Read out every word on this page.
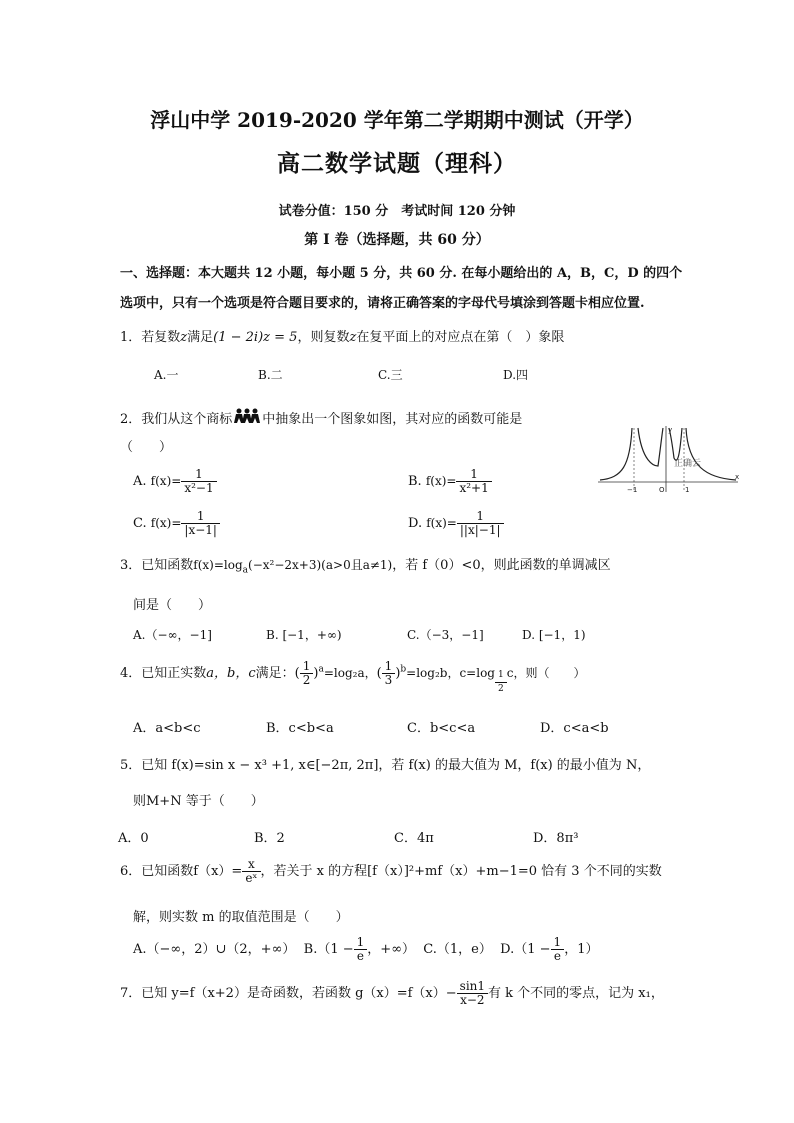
浮山中学 2019-2020 学年第二学期期中测试（开学）
高二数学试题（理科）
试卷分值：150 分　考试时间 120 分钟
第 I 卷（选择题，共 60 分）
一、选择题：本大题共 12 小题，每小题 5 分，共 60 分. 在每小题给出的 A，B，C，D 的四个
选项中，只有一个选项是符合题目要求的，请将正确答案的字母代号填涂到答题卡相应位置.
1．若复数z满足(1 − 2i)z = 5，则复数z在复平面上的对应点在第（　）象限
A.一	B.二	C.三	D.四
2．我们从这个商标 中抽象出一个图象如图，其对应的函数可能是
（　　）
y
x
O
−1	1
正确云
A. $f(x)= \frac{1}{\text{x²−1}}$	B. $f(x)= \frac{1}{\text{x²+1}}$
C. $f(x)= \frac{1}{|x-1|}$	D. $f(x)= \frac{1}{||x|-1|}$
3．已知函数$f(x)=\log_a(-x^2-2x+3)(a>0$且a≠1)，若 f（0）<0，则此函数的单调减区
间是（　　）
A.（−∞，−1]	B. [−1，+∞)	C.（−3，−1]	D. [−1，1)
4．已知正实数a，b，c满足：( $\frac{1}{2} )^a=\log_2a$，( $\frac{1}{3} )^b=\log_2b$，$c=\log \frac{1}{2}$ c，则（　　）
A．a<b<c	B．c<b<a	C．b<c<a	D．c<a<b
5．已知 f(x)=sin x − x³ +1, x∈[−2π, 2π]，若 f(x) 的最大值为 M，f(x) 的最小值为 N，
则M+N 等于（　　）
A．0	B．2	C．4π	D．8π³
6．已知函数$f(x)= \frac{x}{\text{eˣ}}$ ，若关于 x 的方程[f（x）]²+mf（x）+m−1=0 恰有 3 个不同的实数
解，则实数 m 的取值范围是（　　）
A.（−∞，2）∪（2，+∞） $B.(1 - \frac{1}{e}$ ，+∞） C.（1，e） $D.(1 - \frac{1}{e}$ ，1）
7．已知 y=f（x+2）是奇函数，若函数 $g(x)=f(x)- \frac{\sin 1}{x-2}$ 有 k 个不同的零点，记为 x₁，
